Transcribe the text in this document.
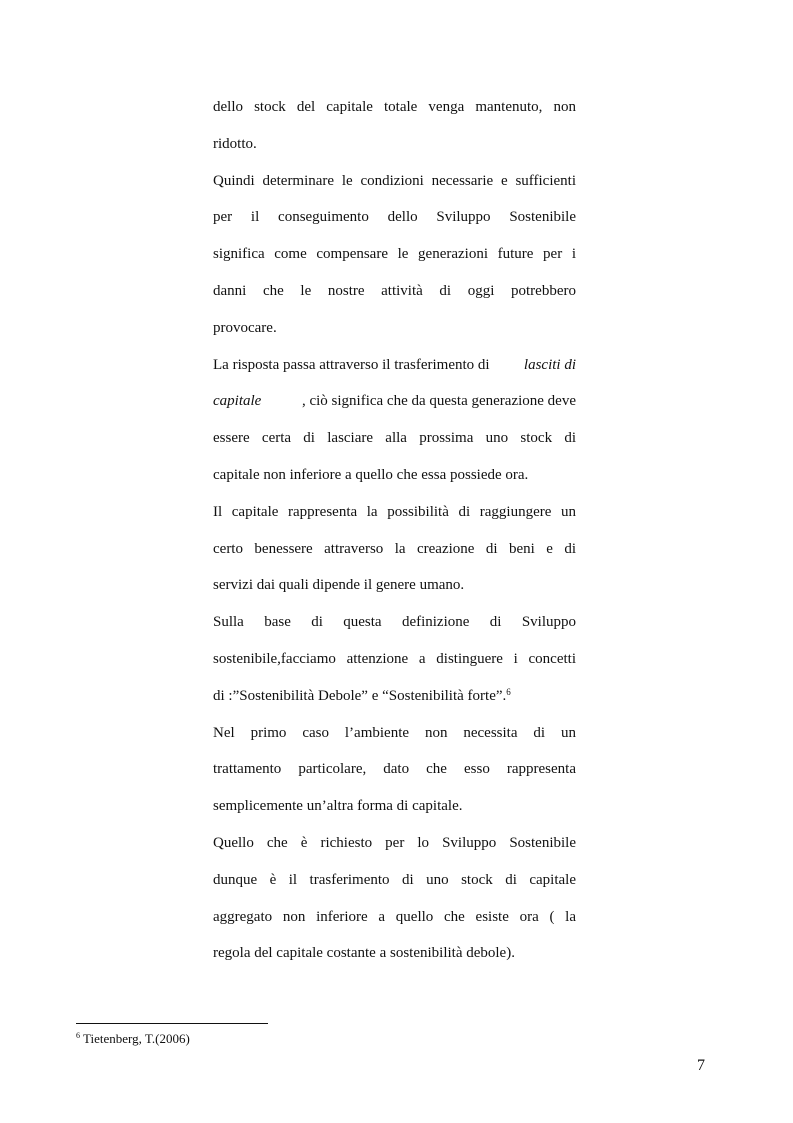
dello stock del capitale totale venga mantenuto, non
ridotto.
Quindi determinare le condizioni necessarie e sufficienti
per il conseguimento dello Sviluppo Sostenibile
significa come compensare le generazioni future per i
danni che le nostre attività di oggi potrebbero
provocare.
La risposta passa attraverso il trasferimento di lasciti di
capitale	, ciò significa che da questa generazione deve
essere certa di lasciare alla prossima uno stock di
capitale non inferiore a quello che essa possiede ora.
Il capitale rappresenta la possibilità di raggiungere un
certo benessere attraverso la creazione di beni e di
servizi dai quali dipende il genere umano.
Sulla base di questa definizione di Sviluppo
sostenibile,facciamo attenzione a distinguere i concetti
di :”Sostenibilità Debole” e “Sostenibilità forte”.$^6$
Nel primo caso l’ambiente non necessita di un
trattamento particolare, dato che esso rappresenta
semplicemente un’altra forma di capitale.
Quello che è richiesto per lo Sviluppo Sostenibile
dunque è il trasferimento di uno stock di capitale
aggregato non inferiore a quello che esiste ora ( la
regola del capitale costante a sostenibilità debole).
$^6$ Tietenberg, T.(2006)
7
